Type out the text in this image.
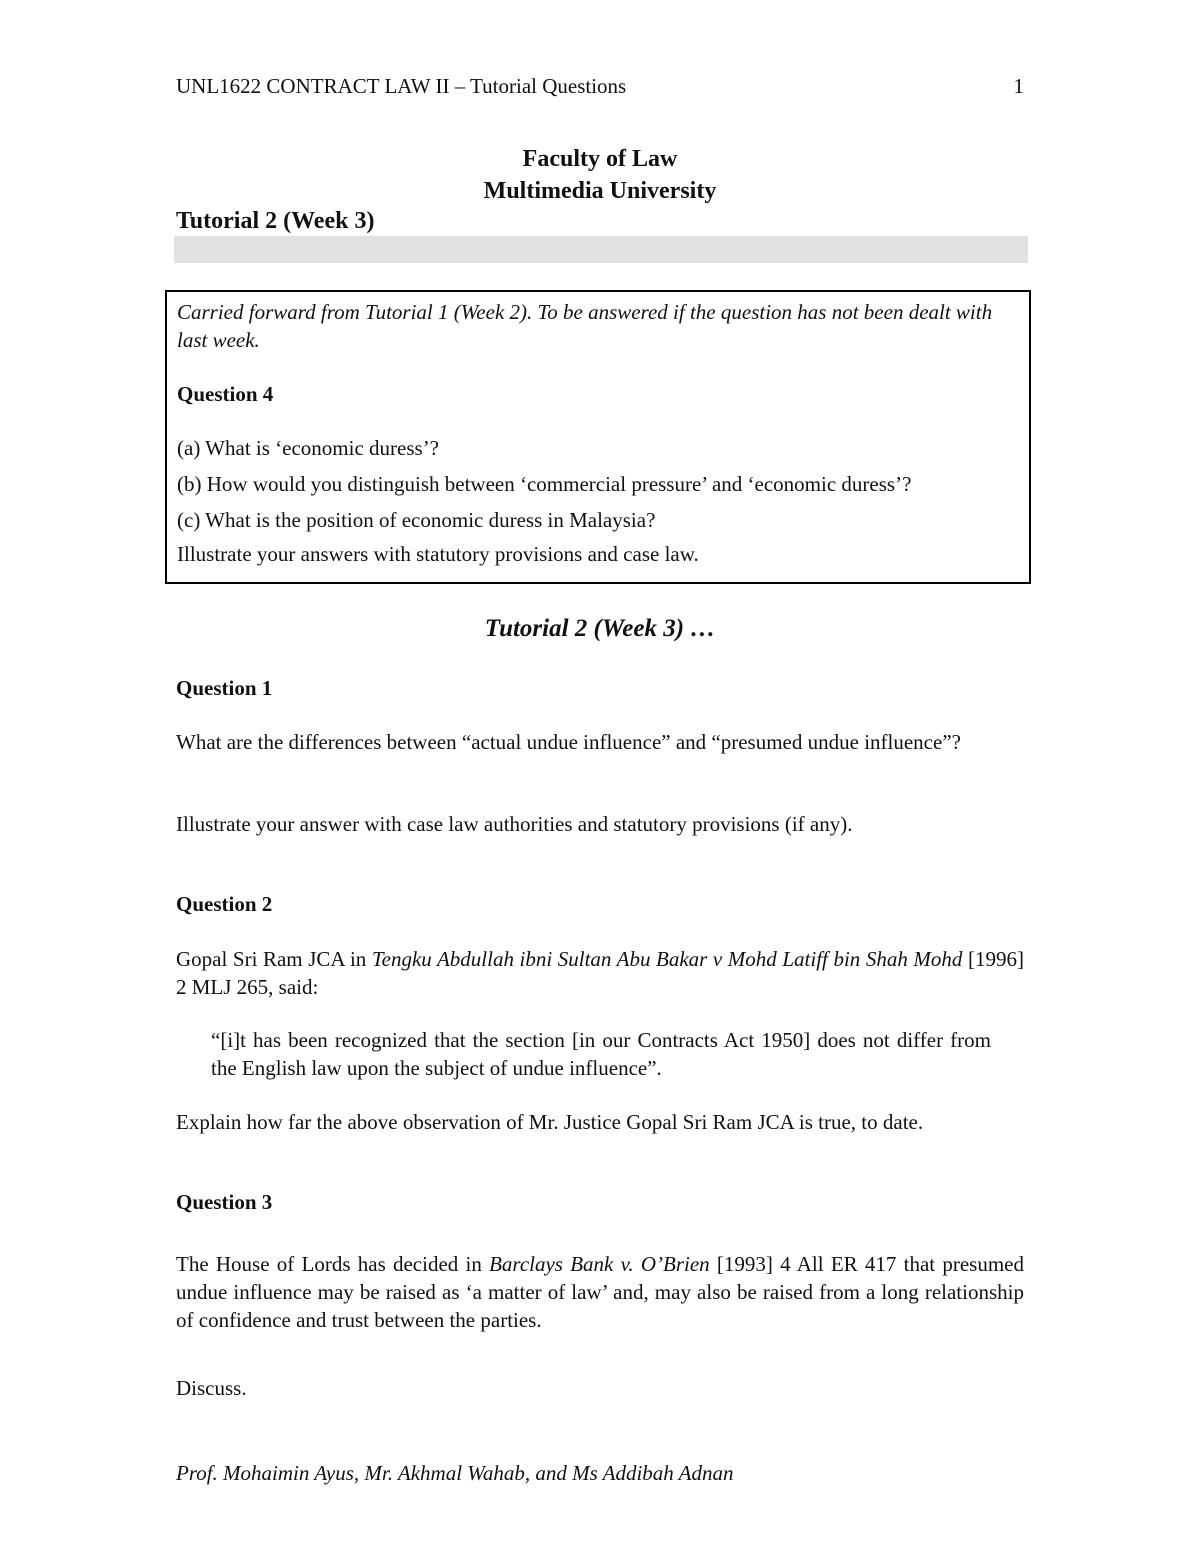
UNL1622 CONTRACT LAW II – Tutorial Questions	1
Faculty of Law
Multimedia University
Tutorial 2 (Week 3)

Carried forward from Tutorial 1 (Week 2). To be answered if the question has not been dealt with last week.

Question 4

(a) What is ‘economic duress’?

(b) How would you distinguish between ‘commercial pressure’ and ‘economic duress’?

(c) What is the position of economic duress in Malaysia?

Illustrate your answers with statutory provisions and case law.

Tutorial 2 (Week 3) …

Question 1

What are the differences between “actual undue influence” and “presumed undue influence”?

Illustrate your answer with case law authorities and statutory provisions (if any).

Question 2

Gopal Sri Ram JCA in Tengku Abdullah ibni Sultan Abu Bakar v Mohd Latiff bin Shah Mohd [1996] 2 MLJ 265, said:

“[i]t has been recognized that the section [in our Contracts Act 1950] does not differ from the English law upon the subject of undue influence”.

Explain how far the above observation of Mr. Justice Gopal Sri Ram JCA is true, to date.

Question 3

The House of Lords has decided in Barclays Bank v. O’Brien [1993] 4 All ER 417 that presumed undue influence may be raised as ‘a matter of law’ and, may also be raised from a long relationship of confidence and trust between the parties.

Discuss.

Prof. Mohaimin Ayus, Mr. Akhmal Wahab, and Ms Addibah Adnan
